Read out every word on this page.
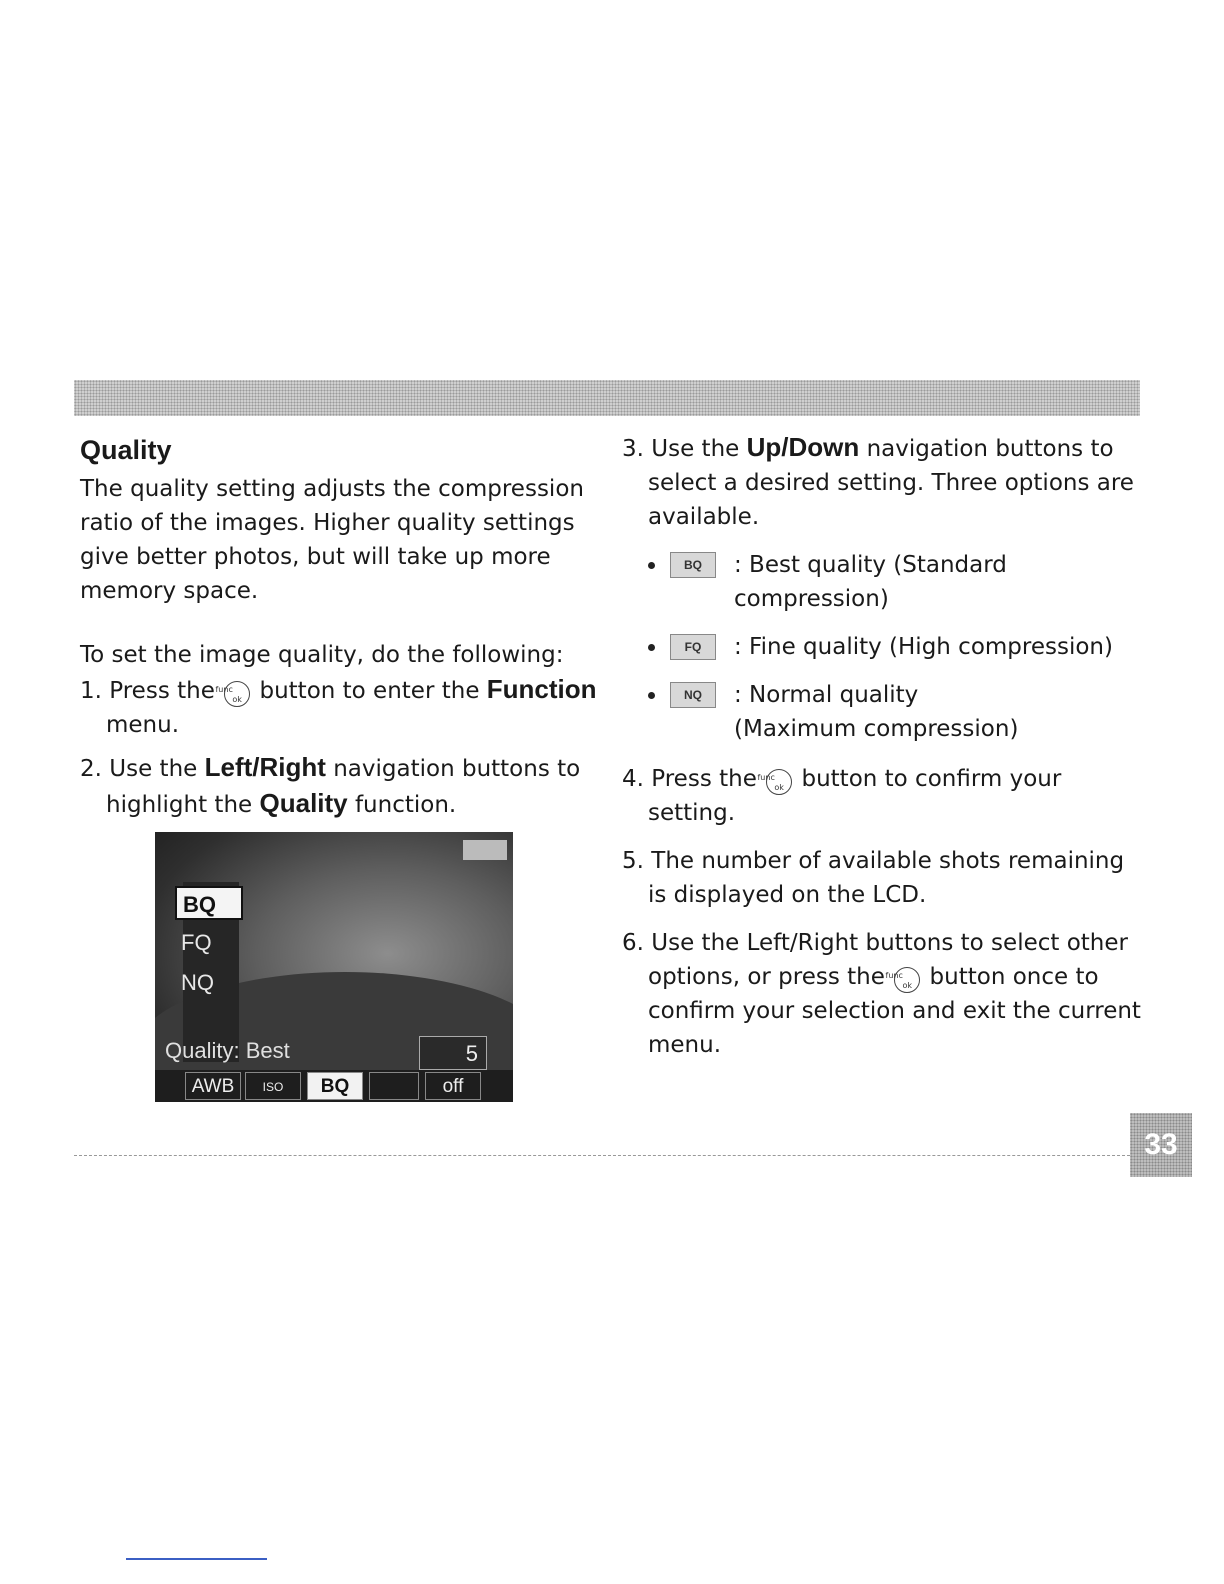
Quality

The quality setting adjusts the compression ratio of the images. Higher quality settings give better photos, but will take up more memory space.

To set the image quality, do the following:

1. Press the func
ok button to enter the Function menu.

2. Use the Left/Right navigation buttons to highlight the Quality function.

BQ
FQ
NQ
Quality: Best	5
AWB	ISO	BQ	off

3. Use the Up/Down navigation buttons to select a desired setting. Three options are available.

BQ	: Best quality (Standard compression)
FQ	: Fine quality (High compression)
NQ	: Normal quality
(Maximum compression)

4. Press the func
ok button to confirm your setting.

5. The number of available shots remaining is displayed on the LCD.

6. Use the Left/Right buttons to select other options, or press the func
ok button once to confirm your selection and exit the current menu.

33
